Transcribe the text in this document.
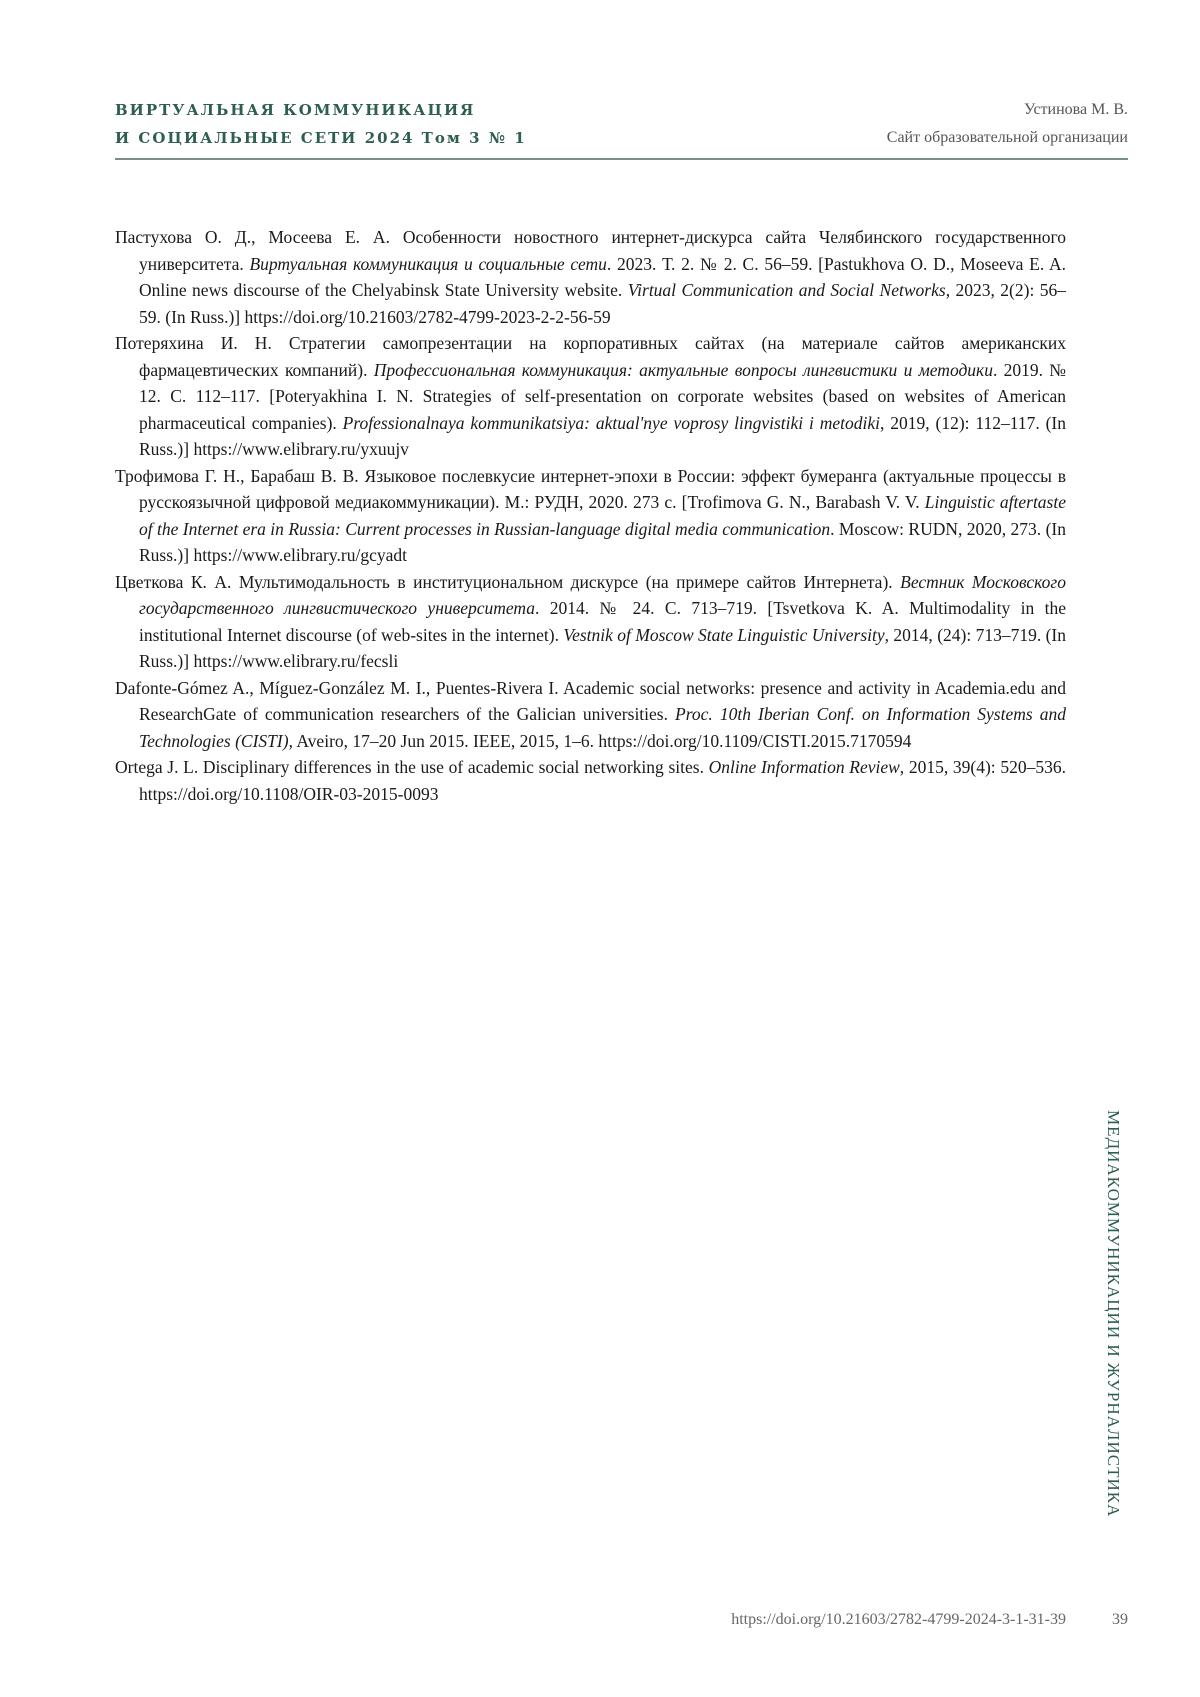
ВИРТУАЛЬНАЯ КОММУНИКАЦИЯ
И СОЦИАЛЬНЫЕ СЕТИ 2024 Том 3 № 1
Устинова М. В.
Сайт образовательной организации

Пастухова О. Д., Мосеева Е. А. Особенности новостного интернет-дискурса сайта Челябинского государственного университета. Виртуальная коммуникация и социальные сети. 2023. Т. 2. № 2. С. 56–59. [Pastukhova O. D., Moseeva E. A. Online news discourse of the Chelyabinsk State University website. Virtual Communication and Social Networks, 2023, 2(2): 56–59. (In Russ.)] https://doi.org/10.21603/2782-4799-2023-2-2-56-59

Потеряхина И. Н. Стратегии самопрезентации на корпоративных сайтах (на материале сайтов американских фармацевтических компаний). Профессиональная коммуникация: актуальные вопросы лингвистики и методики. 2019. № 12. С. 112–117. [Poteryakhina I. N. Strategies of self-presentation on corporate websites (based on websites of American pharmaceutical companies). Professionalnaya kommunikatsiya: aktual'nye voprosy lingvistiki i metodiki, 2019, (12): 112–117. (In Russ.)] https://www.elibrary.ru/yxuujv

Трофимова Г. Н., Барабаш В. В. Языковое послевкусие интернет-эпохи в России: эффект бумеранга (актуальные процессы в русскоязычной цифровой медиакоммуникации). М.: РУДН, 2020. 273 с. [Trofimova G. N., Barabash V. V. Linguistic aftertaste of the Internet era in Russia: Current processes in Russian-language digital media communication. Moscow: RUDN, 2020, 273. (In Russ.)] https://www.elibrary.ru/gcyadt

Цветкова К. А. Мультимодальность в институциональном дискурсе (на примере сайтов Интернета). Вестник Московского государственного лингвистического университета. 2014. № 24. С. 713–719. [Tsvetkova K. A. Multimodality in the institutional Internet discourse (of web-sites in the internet). Vestnik of Moscow State Linguistic University, 2014, (24): 713–719. (In Russ.)] https://www.elibrary.ru/fecsli

Dafonte-Gómez A., Míguez-González M. I., Puentes-Rivera I. Academic social networks: presence and activity in Academia.edu and ResearchGate of communication researchers of the Galician universities. Proc. 10th Iberian Conf. on Information Systems and Technologies (CISTI), Aveiro, 17–20 Jun 2015. IEEE, 2015, 1–6. https://doi.org/10.1109/CISTI.2015.7170594

Ortega J. L. Disciplinary differences in the use of academic social networking sites. Online Information Review, 2015, 39(4): 520–536. https://doi.org/10.1108/OIR-03-2015-0093

МЕДИАКОММУНИКАЦИИ И ЖУРНАЛИСТИКА
https://doi.org/10.21603/2782-4799-2024-3-1-31-39	39
